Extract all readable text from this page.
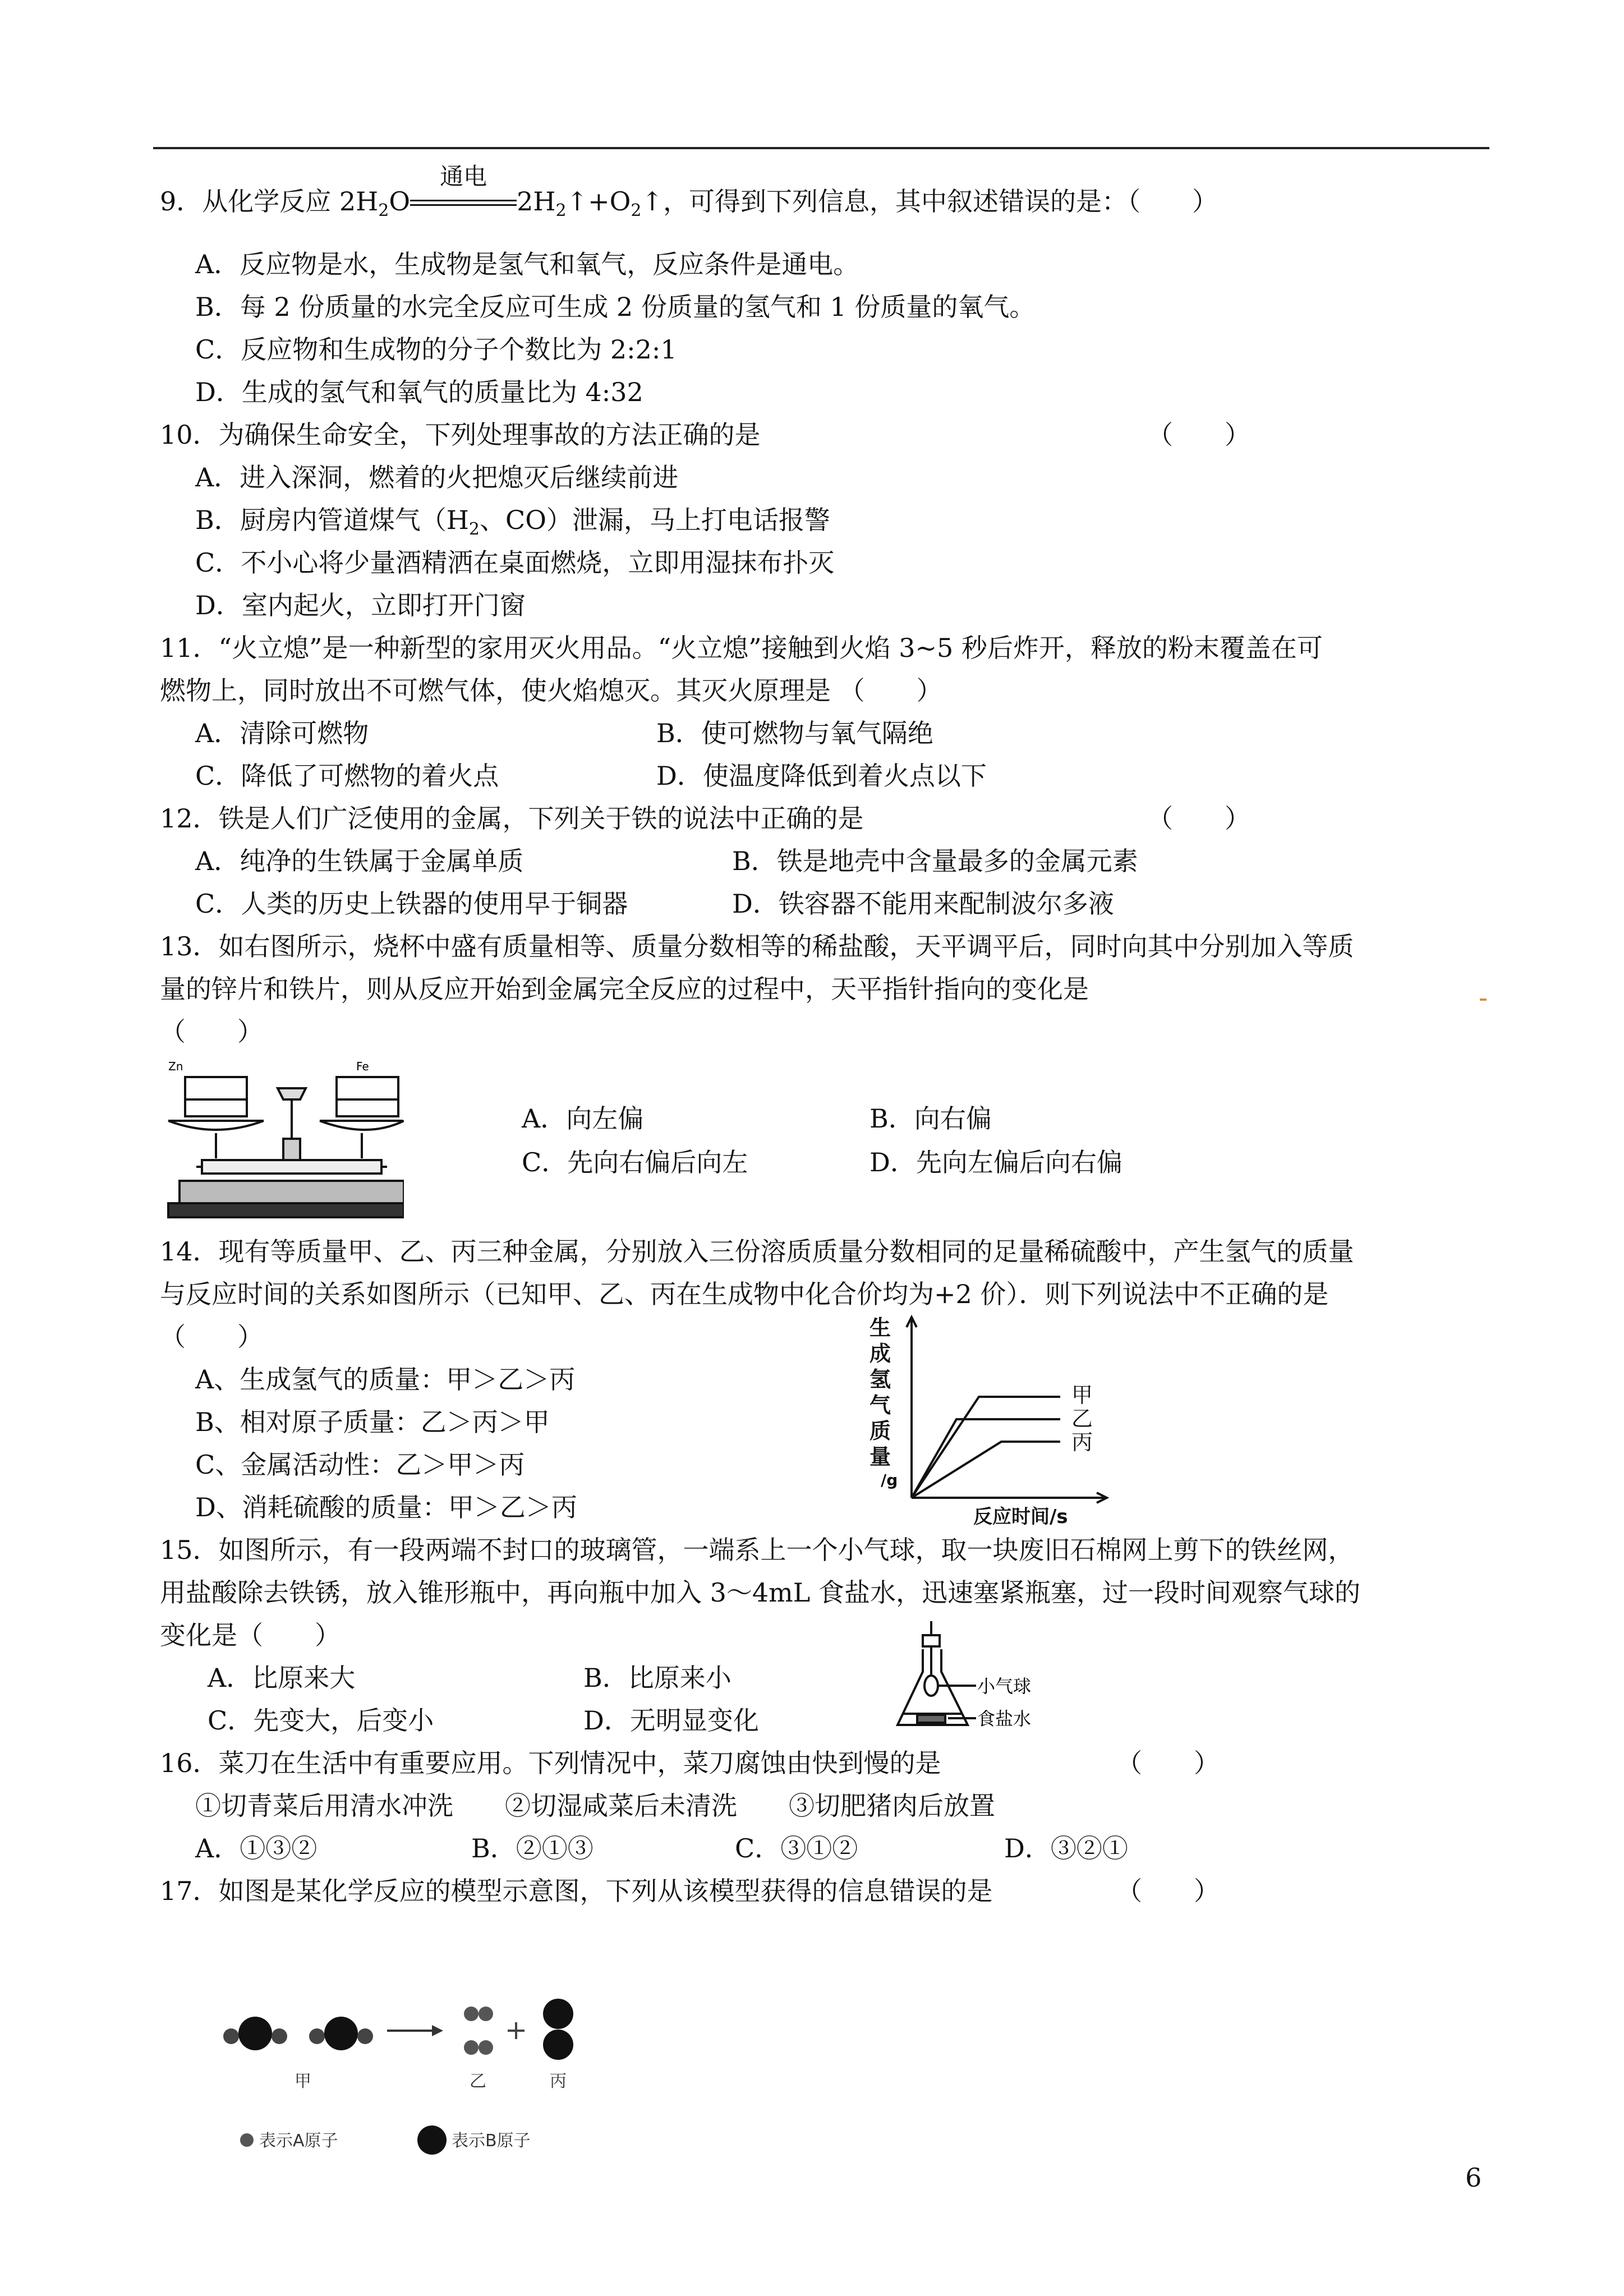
9．从化学反应 $2H_2O$
通电
$2H_2↑+O_2↑$，可得到下列信息，其中叙述错误的是：（　　）
A．反应物是水，生成物是氢气和氧气，反应条件是通电。
B．每 2 份质量的水完全反应可生成 2 份质量的氢气和 1 份质量的氧气。
C．反应物和生成物的分子个数比为 2:2:1
D．生成的氢气和氧气的质量比为 4:32
10．为确保生命安全，下列处理事故的方法正确的是	（　　）
A．进入深洞，燃着的火把熄灭后继续前进
B．厨房内管道煤气（$H_2$、CO）泄漏，马上打电话报警
C．不小心将少量酒精洒在桌面燃烧，立即用湿抹布扑灭
D．室内起火，立即打开门窗
11．“火立熄”是一种新型的家用灭火用品。“火立熄”接触到火焰 3~5 秒后炸开，释放的粉末覆盖在可
燃物上，同时放出不可燃气体，使火焰熄灭。其灭火原理是 （　　）
A．清除可燃物	B．使可燃物与氧气隔绝
C．降低了可燃物的着火点	D．使温度降低到着火点以下
12．铁是人们广泛使用的金属，下列关于铁的说法中正确的是	（　　）
A．纯净的生铁属于金属单质	B．铁是地壳中含量最多的金属元素
C．人类的历史上铁器的使用早于铜器	D．铁容器不能用来配制波尔多液
13．如右图所示，烧杯中盛有质量相等、质量分数相等的稀盐酸，天平调平后，同时向其中分别加入等质
量的锌片和铁片，则从反应开始到金属完全反应的过程中，天平指针指向的变化是
（　　）
Zn	Fe
A．向左偏	B．向右偏
C．先向右偏后向左	D．先向左偏后向右偏
14．现有等质量甲、乙、丙三种金属，分别放入三份溶质质量分数相同的足量稀硫酸中，产生氢气的质量
与反应时间的关系如图所示（已知甲、乙、丙在生成物中化合价均为+2 价）．则下列说法中不正确的是
（　　）
A、生成氢气的质量：甲＞乙＞丙
B、相对原子质量：乙＞丙＞甲
C、金属活动性：乙＞甲＞丙
D、消耗硫酸的质量：甲＞乙＞丙
生
成
氢
气
质
量
/g
甲
乙
丙
反应时间/s
15．如图所示，有一段两端不封口的玻璃管，一端系上一个小气球，取一块废旧石棉网上剪下的铁丝网，
用盐酸除去铁锈，放入锥形瓶中，再向瓶中加入 3～4mL 食盐水，迅速塞紧瓶塞，过一段时间观察气球的
变化是（　　）
A．比原来大	B．比原来小
C．先变大，后变小	D．无明显变化
小气球
食盐水
16．菜刀在生活中有重要应用。下列情况中，菜刀腐蚀由快到慢的是	（　　）
①切青菜后用清水冲洗　　②切湿咸菜后未清洗　　③切肥猪肉后放置
A．①③②	B．②①③	C．③①②	D．③②①
17．如图是某化学反应的模型示意图，下列从该模型获得的信息错误的是	（　　）
甲	乙	丙
表示A原子	表示B原子
6
